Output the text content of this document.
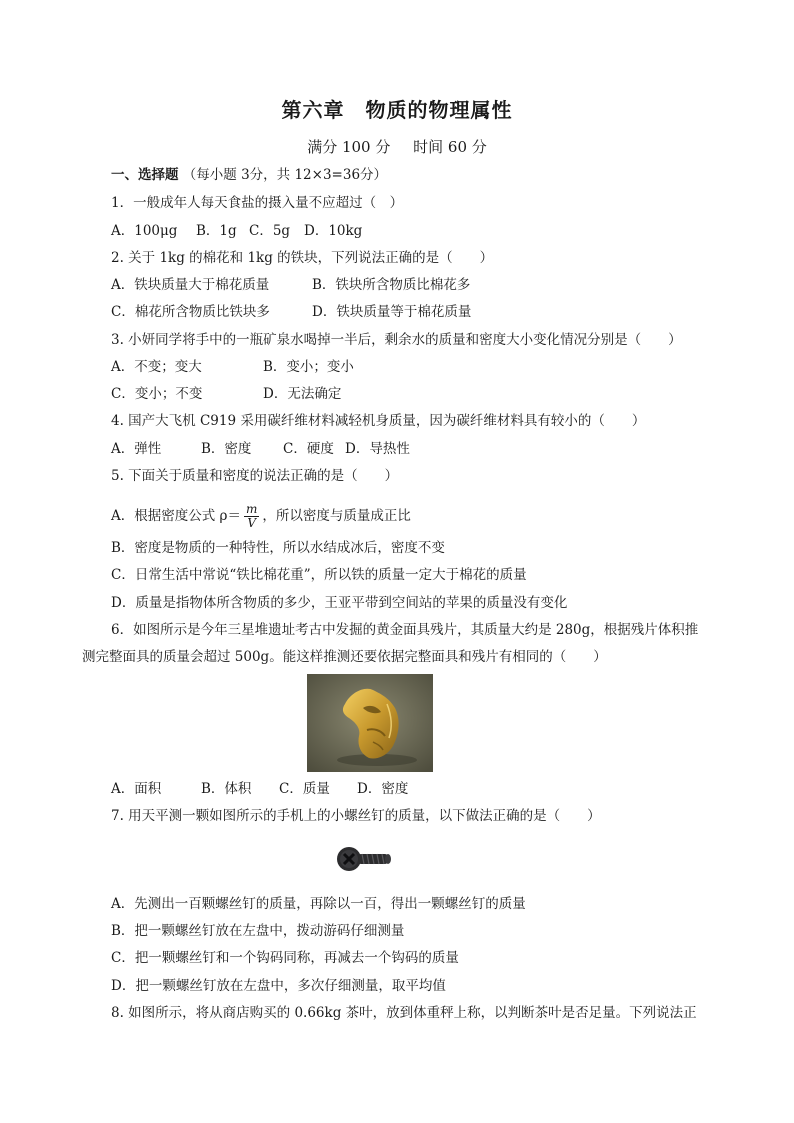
第六章　物质的物理属性
满分 100 分 时间 60 分
一、选择题 （每小题 3分，共 12×3=36分）
1．一般成年人每天食盐的摄入量不应超过（　）
A．100μg B．1g C．5g D．10kg
2. 关于 1kg 的棉花和 1kg 的铁块，下列说法正确的是（　　）
A．铁块质量大于棉花质量	B．铁块所含物质比棉花多
C．棉花所含物质比铁块多	D．铁块质量等于棉花质量
3. 小妍同学将手中的一瓶矿泉水喝掉一半后，剩余水的质量和密度大小变化情况分别是（　　）
A．不变；变大	B．变小；变小
C．变小；不变	D．无法确定
4. 国产大飞机 C919 采用碳纤维材料减轻机身质量，因为碳纤维材料具有较小的（　　）
A．弹性	B．密度 C．硬度 D．导热性
5. 下面关于质量和密度的说法正确的是（　　）
A．根据密度公式 $\rho= \frac{m}{V}$ ，所以密度与质量成正比
B．密度是物质的一种特性，所以水结成冰后，密度不变
C．日常生活中常说“铁比棉花重”，所以铁的质量一定大于棉花的质量
D．质量是指物体所含物质的多少，王亚平带到空间站的苹果的质量没有变化
6．如图所示是今年三星堆遗址考古中发掘的黄金面具残片，其质量大约是 280g，根据残片体积推
测完整面具的质量会超过 500g。能这样推测还要依据完整面具和残片有相同的（　　）
A．面积	B．体积 C．质量 D．密度
7. 用天平测一颗如图所示的手机上的小螺丝钉的质量，以下做法正确的是（　　）
A．先测出一百颗螺丝钉的质量，再除以一百，得出一颗螺丝钉的质量
B．把一颗螺丝钉放在左盘中，拨动游码仔细测量
C．把一颗螺丝钉和一个钩码同称，再减去一个钩码的质量
D．把一颗螺丝钉放在左盘中，多次仔细测量，取平均值
8. 如图所示，将从商店购买的 0.66kg 茶叶，放到体重秤上称，以判断茶叶是否足量。下列说法正
